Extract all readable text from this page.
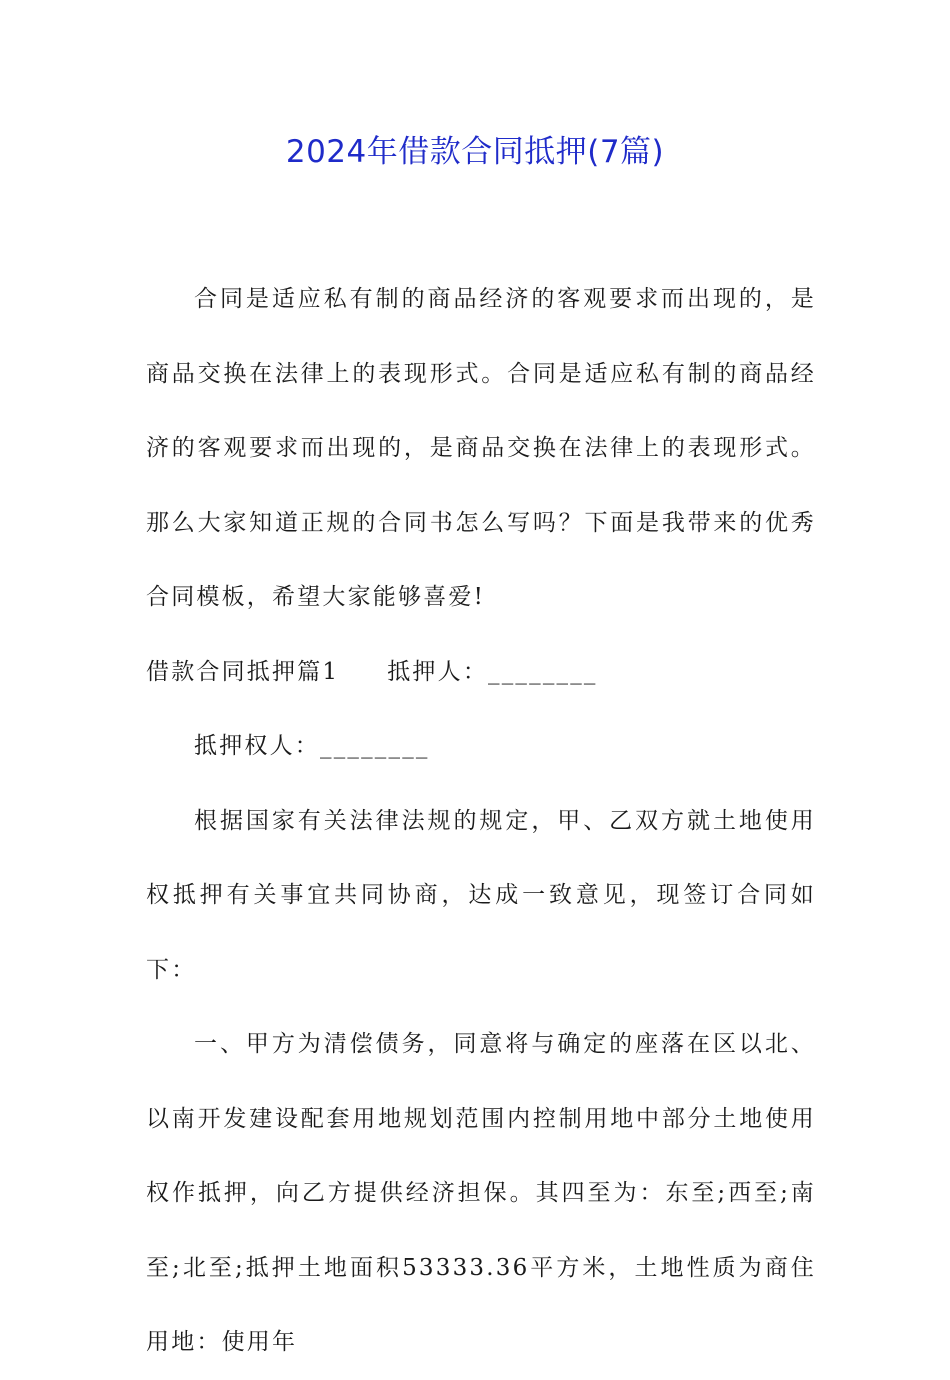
2024年借款合同抵押(7篇)

合同是适应私有制的商品经济的客观要求而出现的，是商品交换在法律上的表现形式。合同是适应私有制的商品经济的客观要求而出现的，是商品交换在法律上的表现形式。那么大家知道正规的合同书怎么写吗？下面是我带来的优秀合同模板，希望大家能够喜爱!

借款合同抵押篇1 抵押人：________

抵押权人：________

根据国家有关法律法规的规定，甲、乙双方就土地使用权抵押有关事宜共同协商，达成一致意见，现签订合同如下：

一、甲方为清偿债务，同意将与确定的座落在区以北、以南开发建设配套用地规划范围内控制用地中部分土地使用权作抵押，向乙方提供经济担保。其四至为：东至;西至;南至;北至;抵押土地面积53333.36平方米，土地性质为商住用地：使用年
